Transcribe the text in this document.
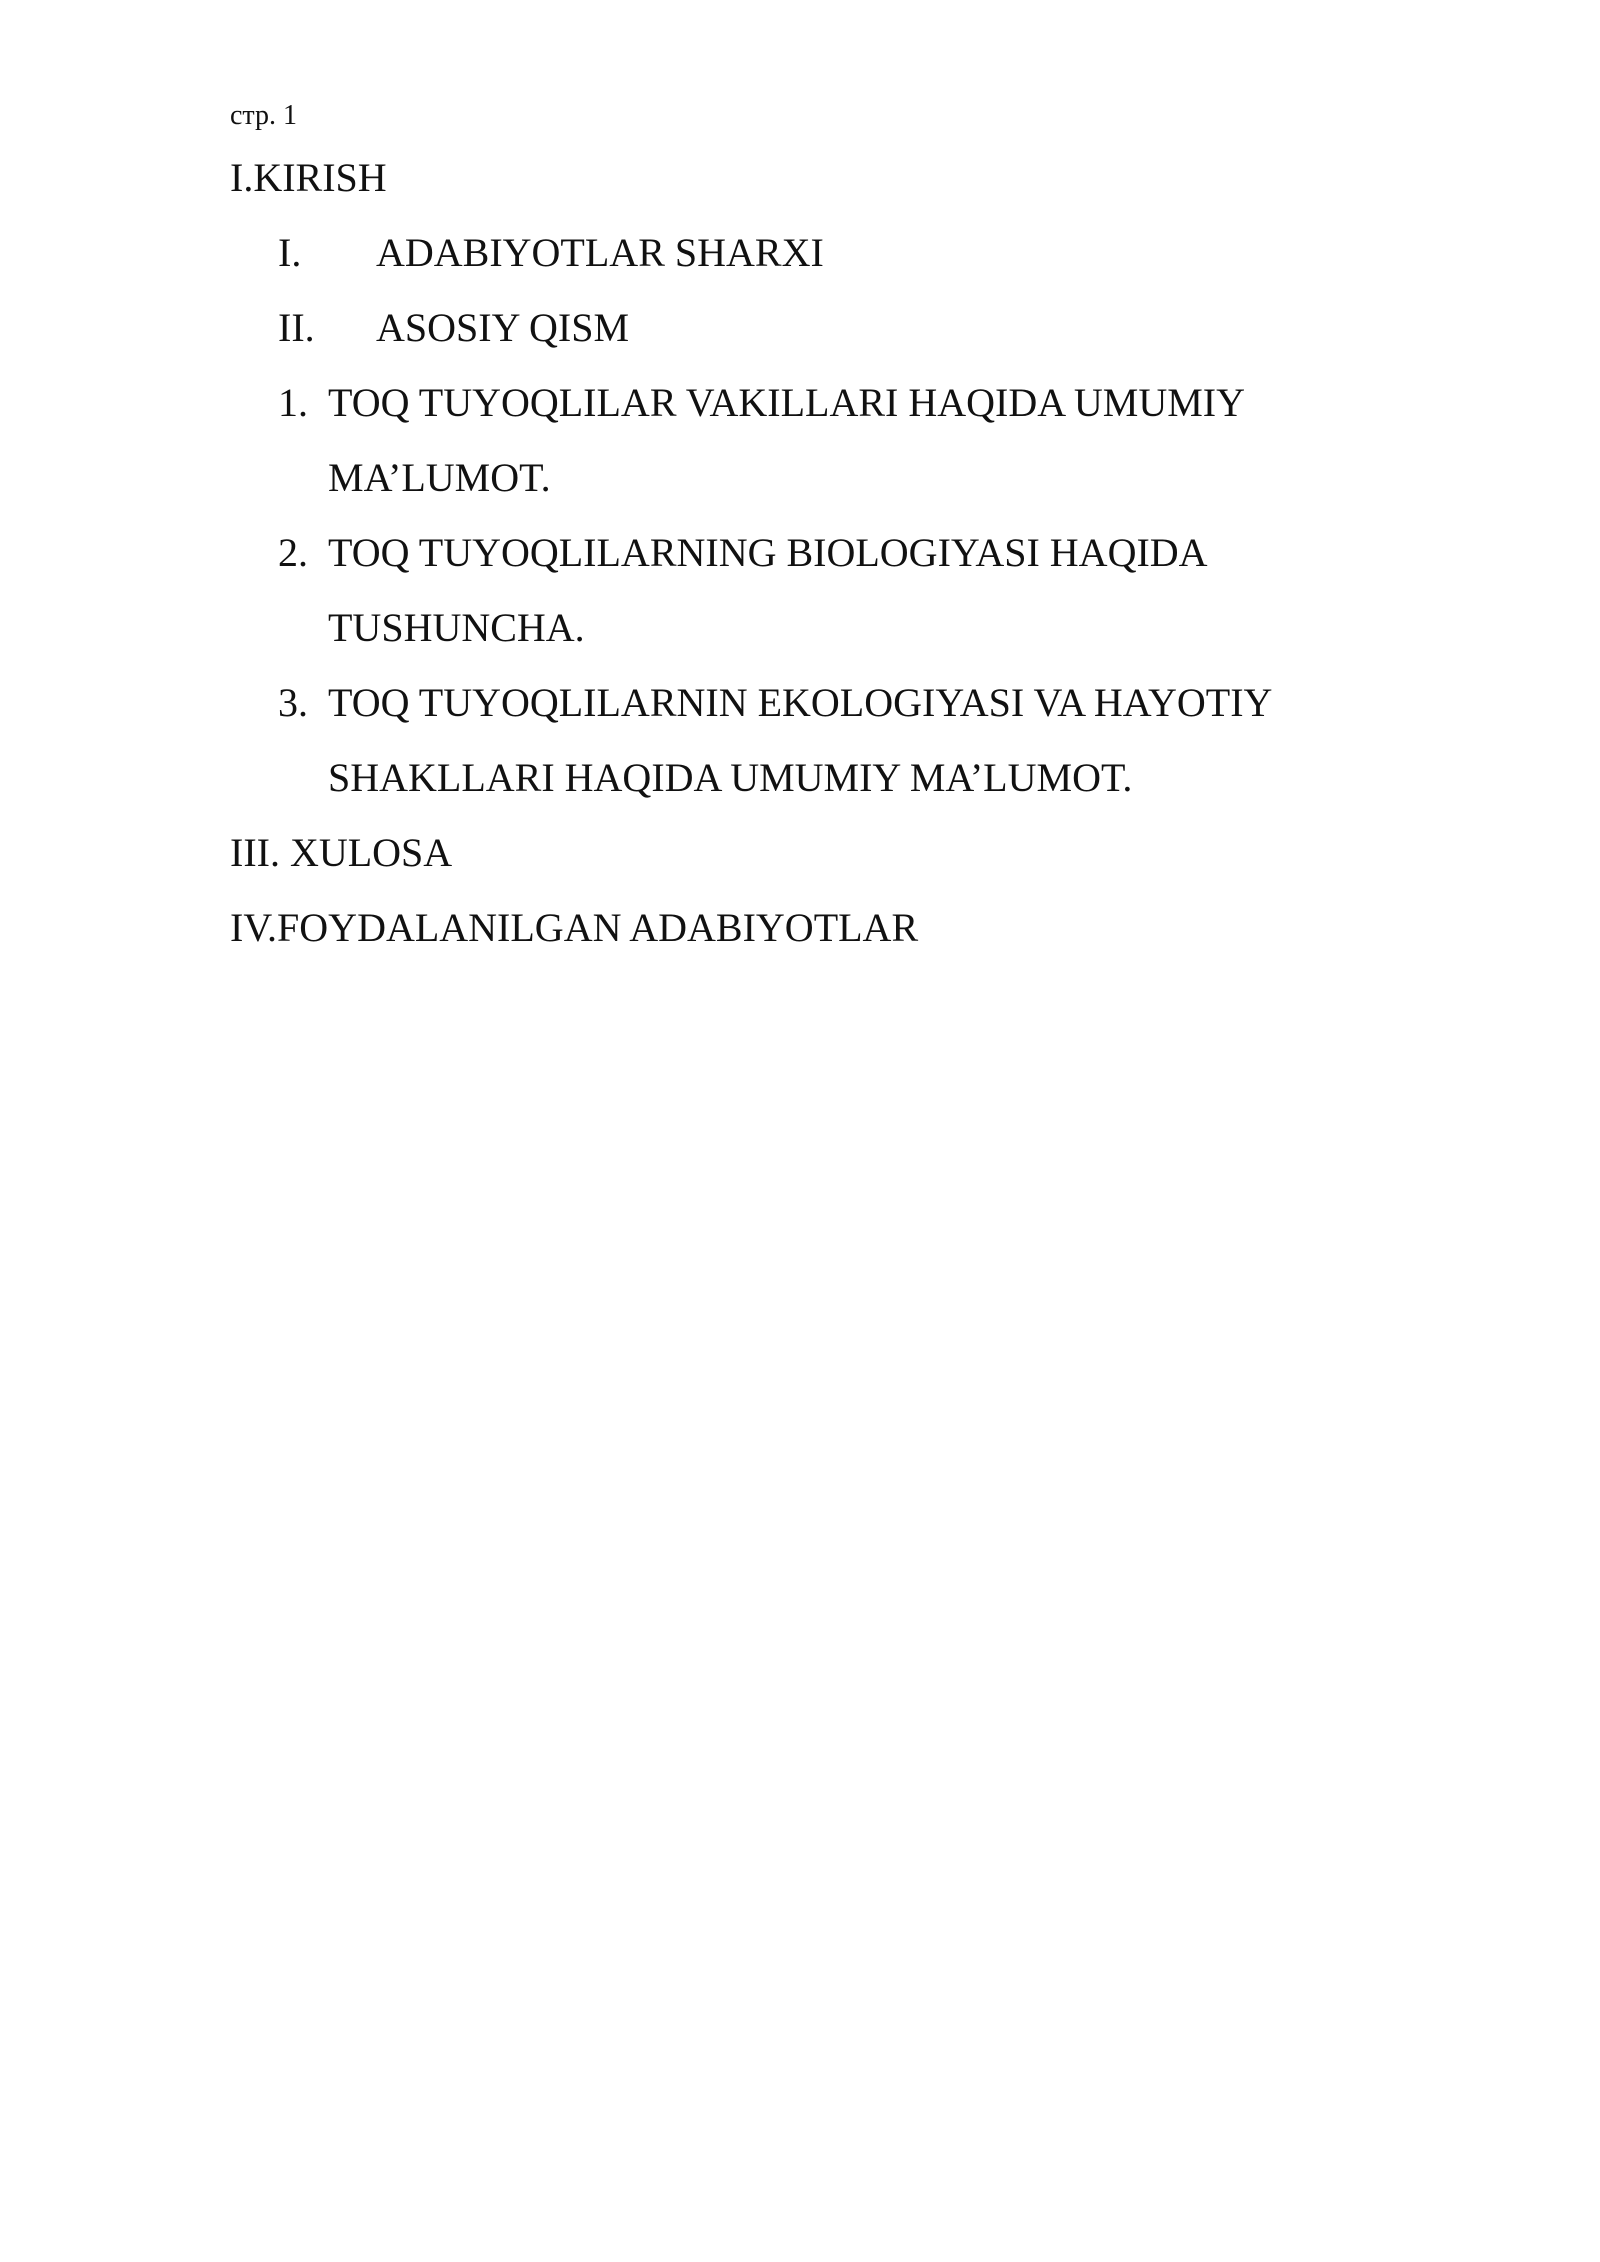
стр. 1
I.KIRISH
I. ADABIYOTLAR SHARXI
II. ASOSIY QISM
1. TOQ TUYOQLILAR VAKILLARI HAQIDA UMUMIY
MA’LUMOT.
2. TOQ TUYOQLILARNING BIOLOGIYASI HAQIDA
TUSHUNCHA.
3. TOQ TUYOQLILARNIN EKOLOGIYASI VA HAYOTIY
SHAKLLARI HAQIDA UMUMIY MA’LUMOT.
III. XULOSA
IV.FOYDALANILGAN ADABIYOTLAR
